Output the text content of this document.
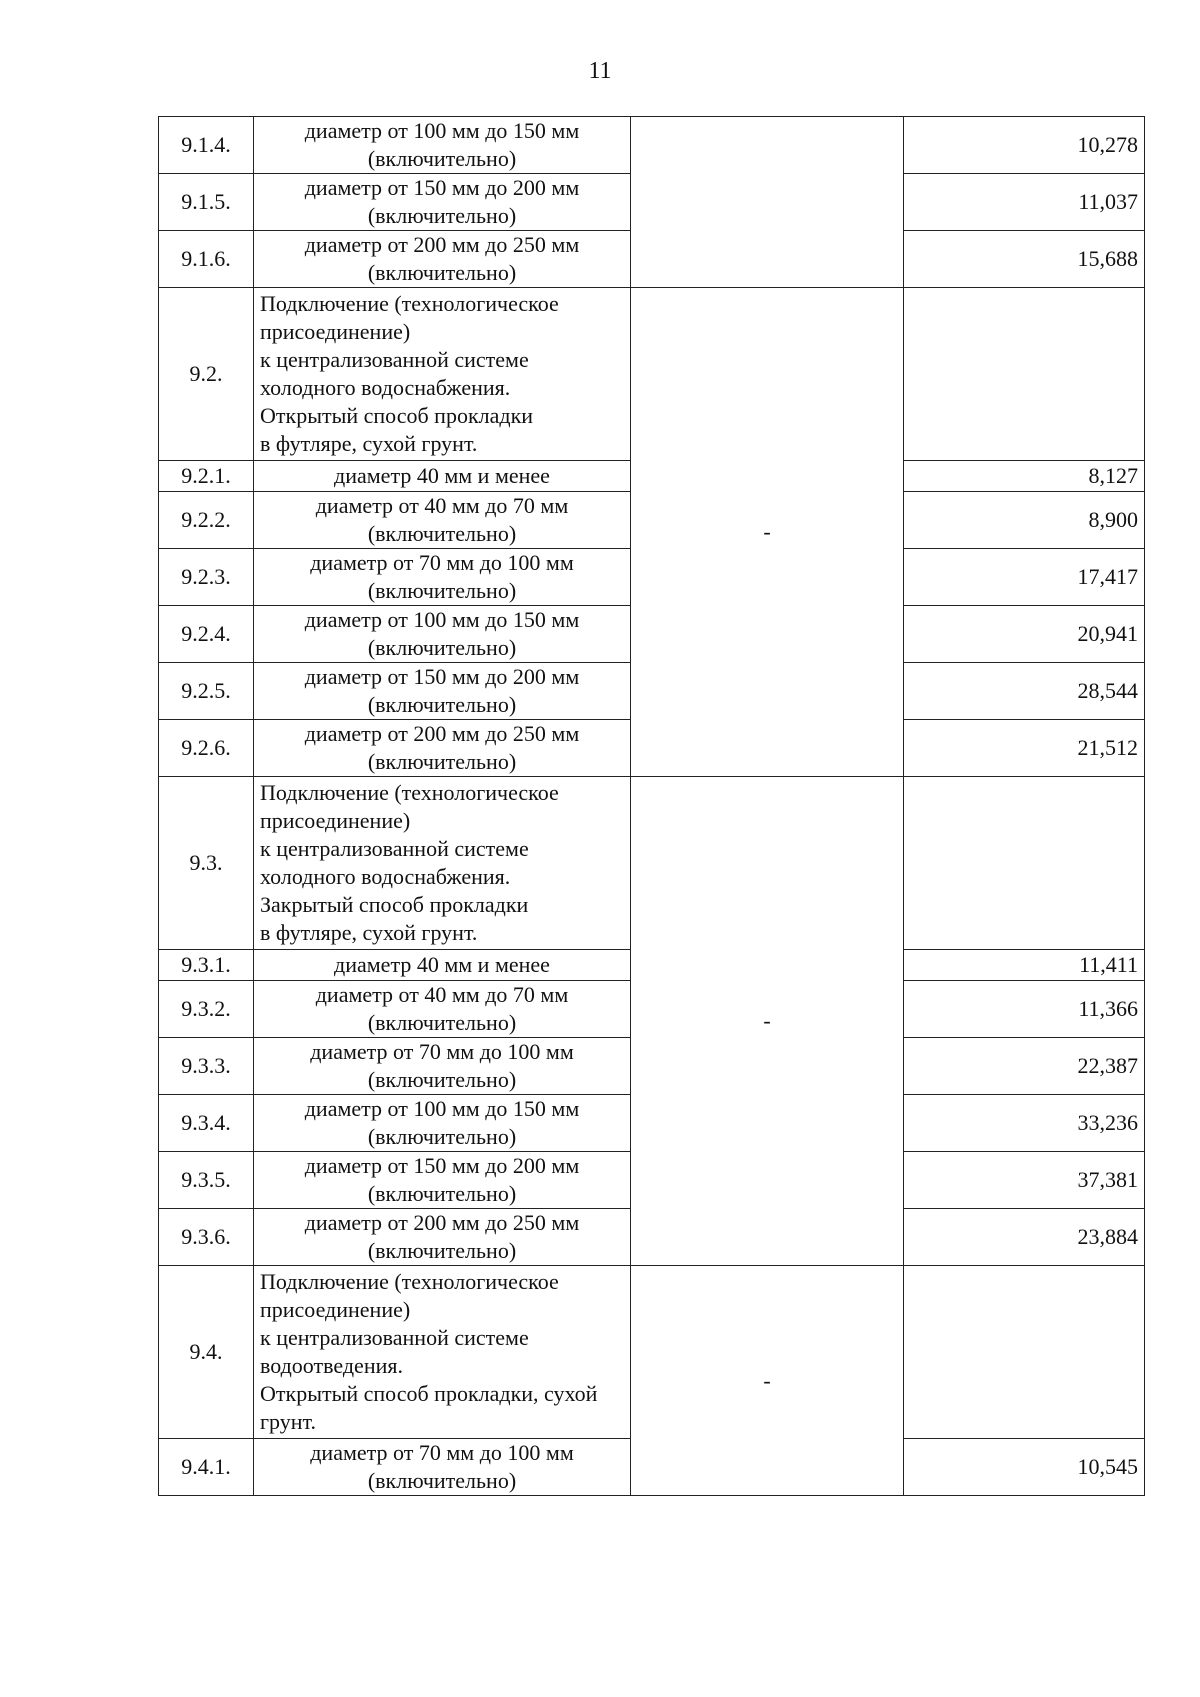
11
9.1.4.	диаметр от 100 мм до 150 мм (включительно)		10,278
9.1.5.	диаметр от 150 мм до 200 мм (включительно)		11,037
9.1.6.	диаметр от 200 мм до 250 мм (включительно)		15,688
9.2.	Подключение (технологическое присоединение)
к централизованной системе холодного водоснабжения.
Открытый способ прокладки
в футляре, сухой грунт.	-	
9.2.1.	диаметр 40 мм и менее		8,127
9.2.2.	диаметр от 40 мм до 70 мм (включительно)		8,900
9.2.3.	диаметр от 70 мм до 100 мм (включительно)		17,417
9.2.4.	диаметр от 100 мм до 150 мм (включительно)		20,941
9.2.5.	диаметр от 150 мм до 200 мм (включительно)		28,544
9.2.6.	диаметр от 200 мм до 250 мм (включительно)		21,512
9.3.	Подключение (технологическое присоединение)
к централизованной системе холодного водоснабжения.
Закрытый способ прокладки
в футляре, сухой грунт.	-	
9.3.1.	диаметр 40 мм и менее		11,411
9.3.2.	диаметр от 40 мм до 70 мм (включительно)		11,366
9.3.3.	диаметр от 70 мм до 100 мм (включительно)		22,387
9.3.4.	диаметр от 100 мм до 150 мм (включительно)		33,236
9.3.5.	диаметр от 150 мм до 200 мм (включительно)		37,381
9.3.6.	диаметр от 200 мм до 250 мм (включительно)		23,884
9.4.	Подключение (технологическое присоединение)
к централизованной системе водоотведения.
Открытый способ прокладки, сухой грунт.	-	
9.4.1.	диаметр от 70 мм до 100 мм (включительно)		10,545
